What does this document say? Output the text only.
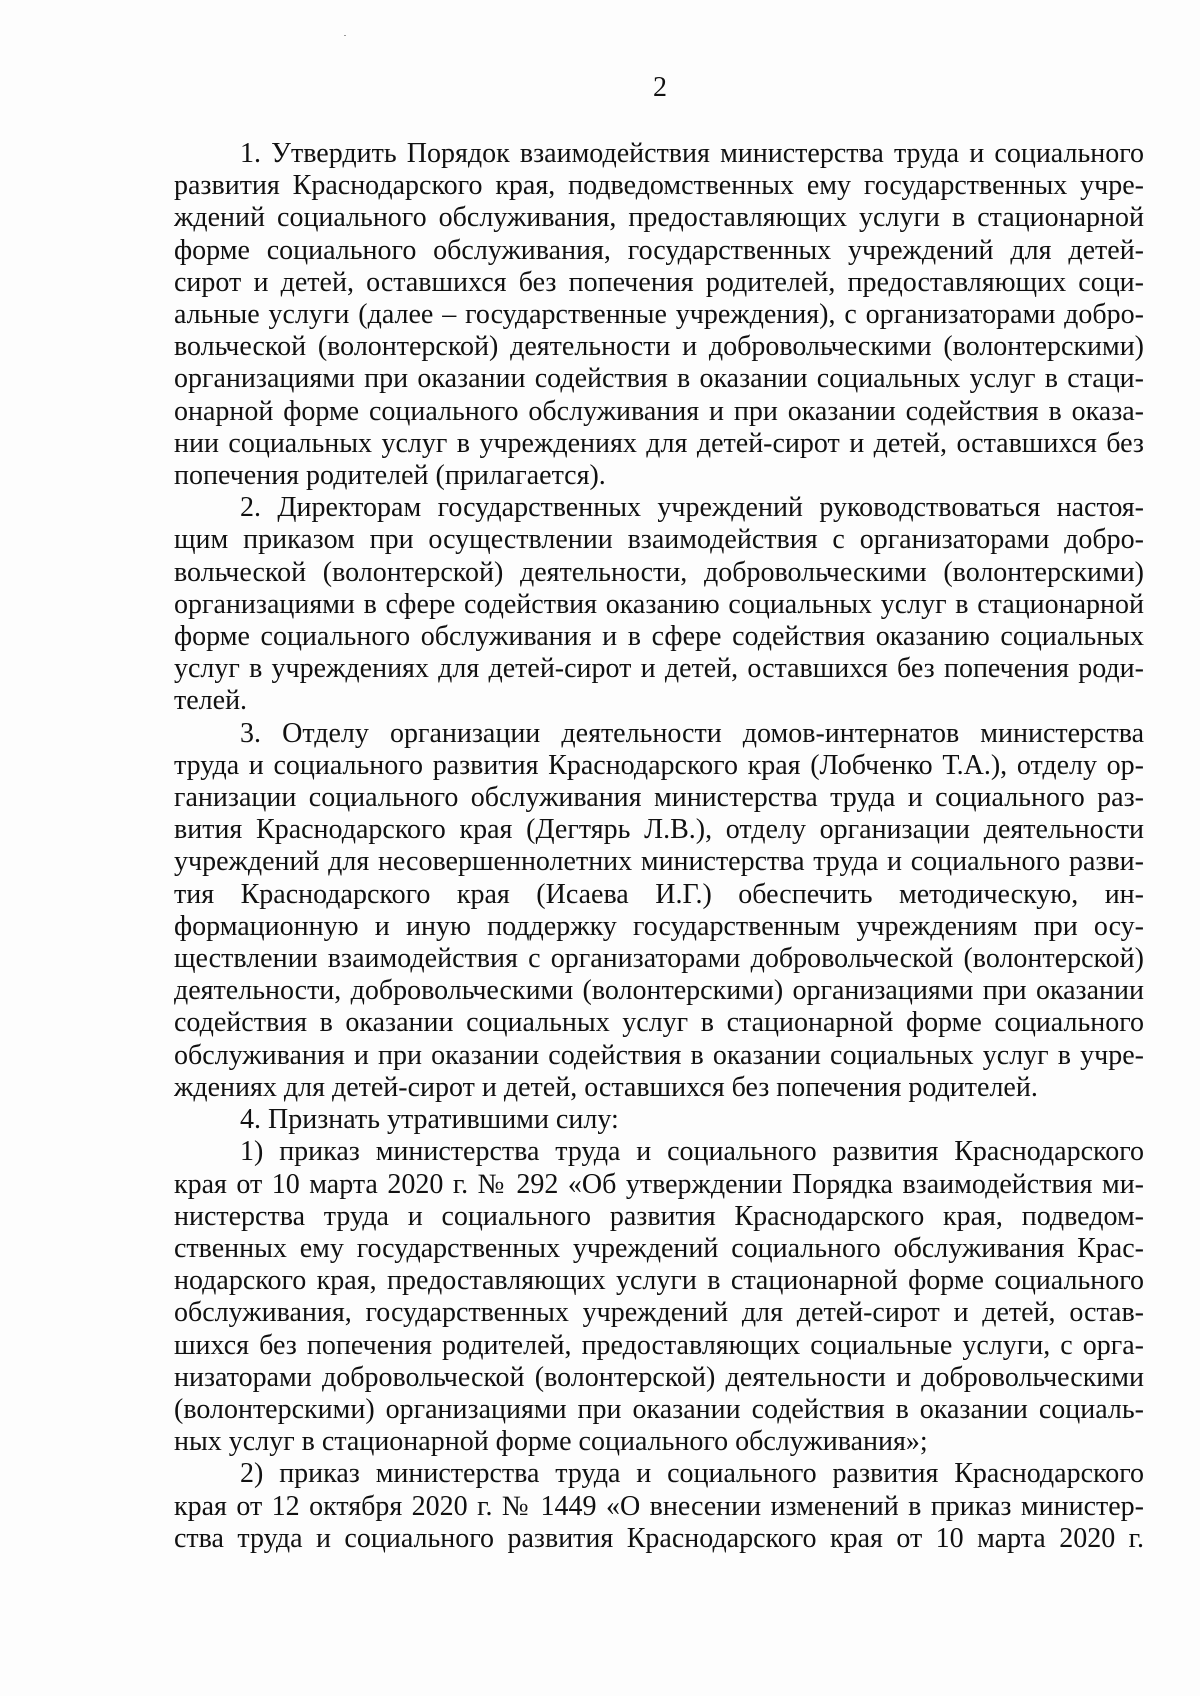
2
1. Утвердить Порядок взаимодействия министерства труда и социального
развития Краснодарского края, подведомственных ему государственных учре-
ждений социального обслуживания, предоставляющих услуги в стационарной
форме социального обслуживания, государственных учреждений для детей-
сирот и детей, оставшихся без попечения родителей, предоставляющих соци-
альные услуги (далее – государственные учреждения), с организаторами добро-
вольческой (волонтерской) деятельности и добровольческими (волонтерскими)
организациями при оказании содействия в оказании социальных услуг в стаци-
онарной форме социального обслуживания и при оказании содействия в оказа-
нии социальных услуг в учреждениях для детей-сирот и детей, оставшихся без
попечения родителей (прилагается).
2. Директорам государственных учреждений руководствоваться настоя-
щим приказом при осуществлении взаимодействия с организаторами добро-
вольческой (волонтерской) деятельности, добровольческими (волонтерскими)
организациями в сфере содействия оказанию социальных услуг в стационарной
форме социального обслуживания и в сфере содействия оказанию социальных
услуг в учреждениях для детей-сирот и детей, оставшихся без попечения роди-
телей.
3. Отделу организации деятельности домов-интернатов министерства
труда и социального развития Краснодарского края (Лобченко Т.А.), отделу ор-
ганизации социального обслуживания министерства труда и социального раз-
вития Краснодарского края (Дегтярь Л.В.), отделу организации деятельности
учреждений для несовершеннолетних министерства труда и социального разви-
тия Краснодарского края (Исаева И.Г.) обеспечить методическую, ин-
формационную и иную поддержку государственным учреждениям при осу-
ществлении взаимодействия с организаторами добровольческой (волонтерской)
деятельности, добровольческими (волонтерскими) организациями при оказании
содействия в оказании социальных услуг в стационарной форме социального
обслуживания и при оказании содействия в оказании социальных услуг в учре-
ждениях для детей-сирот и детей, оставшихся без попечения родителей.
4. Признать утратившими силу:
1) приказ министерства труда и социального развития Краснодарского
края от 10 марта 2020 г. № 292 «Об утверждении Порядка взаимодействия ми-
нистерства труда и социального развития Краснодарского края, подведом-
ственных ему государственных учреждений социального обслуживания Крас-
нодарского края, предоставляющих услуги в стационарной форме социального
обслуживания, государственных учреждений для детей-сирот и детей, остав-
шихся без попечения родителей, предоставляющих социальные услуги, с орга-
низаторами добровольческой (волонтерской) деятельности и добровольческими
(волонтерскими) организациями при оказании содействия в оказании социаль-
ных услуг в стационарной форме социального обслуживания»;
2) приказ министерства труда и социального развития Краснодарского
края от 12 октября 2020 г. № 1449 «О внесении изменений в приказ министер-
ства труда и социального развития Краснодарского края от 10 марта 2020 г.
